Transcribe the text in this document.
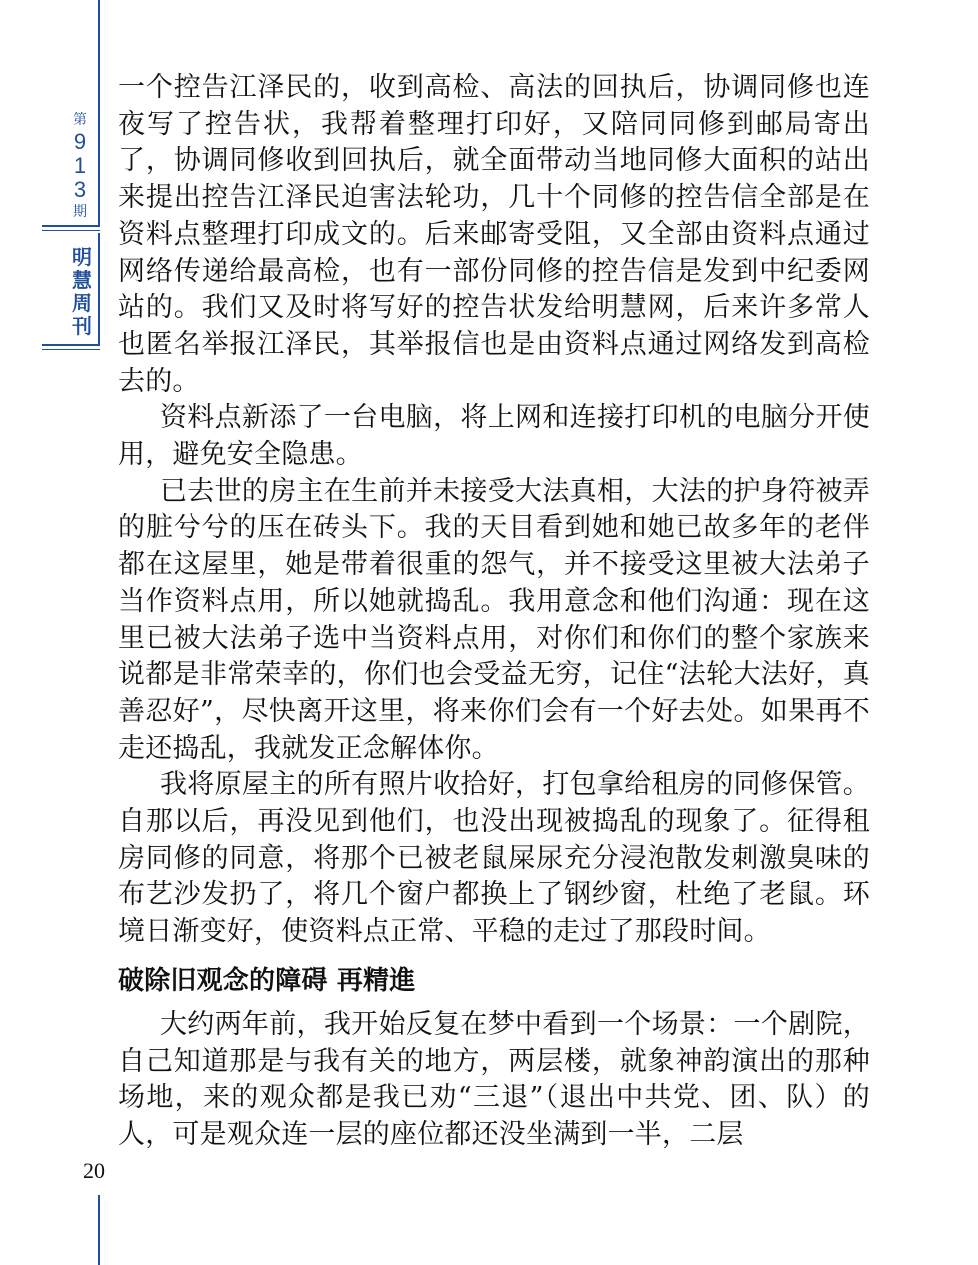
第
9
1
3
期
明
慧
周
刊
20

一个控告江泽民的，收到高检、高法的回执后，协调同修也连夜写了控告状，我帮着整理打印好，又陪同同修到邮局寄出了，协调同修收到回执后，就全面带动当地同修大面积的站出来提出控告江泽民迫害法轮功，几十个同修的控告信全部是在资料点整理打印成文的。后来邮寄受阻，又全部由资料点通过网络传递给最高检，也有一部份同修的控告信是发到中纪委网站的。我们又及时将写好的控告状发给明慧网，后来许多常人也匿名举报江泽民，其举报信也是由资料点通过网络发到高检去的。

资料点新添了一台电脑，将上网和连接打印机的电脑分开使用，避免安全隐患。

已去世的房主在生前并未接受大法真相，大法的护身符被弄的脏兮兮的压在砖头下。我的天目看到她和她已故多年的老伴都在这屋里，她是带着很重的怨气，并不接受这里被大法弟子当作资料点用，所以她就捣乱。我用意念和他们沟通：现在这里已被大法弟子选中当资料点用，对你们和你们的整个家族来说都是非常荣幸的，你们也会受益无穷，记住“法轮大法好，真善忍好”，尽快离开这里，将来你们会有一个好去处。如果再不走还捣乱，我就发正念解体你。

我将原屋主的所有照片收拾好，打包拿给租房的同修保管。自那以后，再没见到他们，也没出现被捣乱的现象了。征得租房同修的同意，将那个已被老鼠屎尿充分浸泡散发刺激臭味的布艺沙发扔了，将几个窗户都换上了钢纱窗，杜绝了老鼠。环境日渐变好，使资料点正常、平稳的走过了那段时间。

破除旧观念的障碍 再精進

大约两年前，我开始反复在梦中看到一个场景：一个剧院，自己知道那是与我有关的地方，两层楼，就象神韵演出的那种场地，来的观众都是我已劝“三退”（退出中共党、团、队）的人，可是观众连一层的座位都还没坐满到一半，二层
